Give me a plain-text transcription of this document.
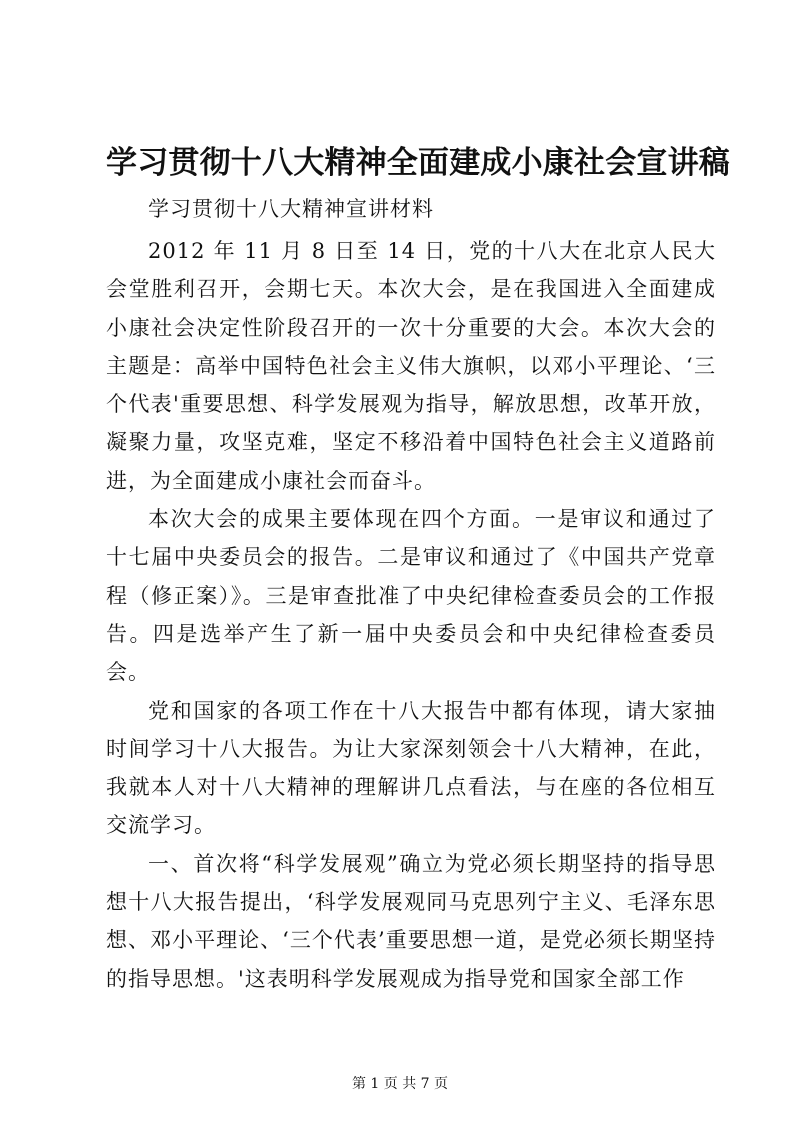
学习贯彻十八大精神全面建成小康社会宣讲稿
学习贯彻十八大精神宣讲材料

2012 年 11 月 8 日至 14 日，党的十八大在北京人民大会堂胜利召开，会期七天。本次大会，是在我国进入全面建成小康社会决定性阶段召开的一次十分重要的大会。本次大会的主题是：高举中国特色社会主义伟大旗帜，以邓小平理论、‘三个代表'重要思想、科学发展观为指导，解放思想，改革开放，凝聚力量，攻坚克难，坚定不移沿着中国特色社会主义道路前进，为全面建成小康社会而奋斗。

本次大会的成果主要体现在四个方面。一是审议和通过了十七届中央委员会的报告。二是审议和通过了《中国共产党章程（修正案）》。三是审查批准了中央纪律检查委员会的工作报告。四是选举产生了新一届中央委员会和中央纪律检查委员会。

党和国家的各项工作在十八大报告中都有体现，请大家抽时间学习十八大报告。为让大家深刻领会十八大精神，在此，我就本人对十八大精神的理解讲几点看法，与在座的各位相互交流学习。

一、首次将“科学发展观”确立为党必须长期坚持的指导思想十八大报告提出，‘科学发展观同马克思列宁主义、毛泽东思想、邓小平理论、‘三个代表’重要思想一道，是党必须长期坚持的指导思想。'这表明科学发展观成为指导党和国家全部工作

第 1 页 共 7 页
